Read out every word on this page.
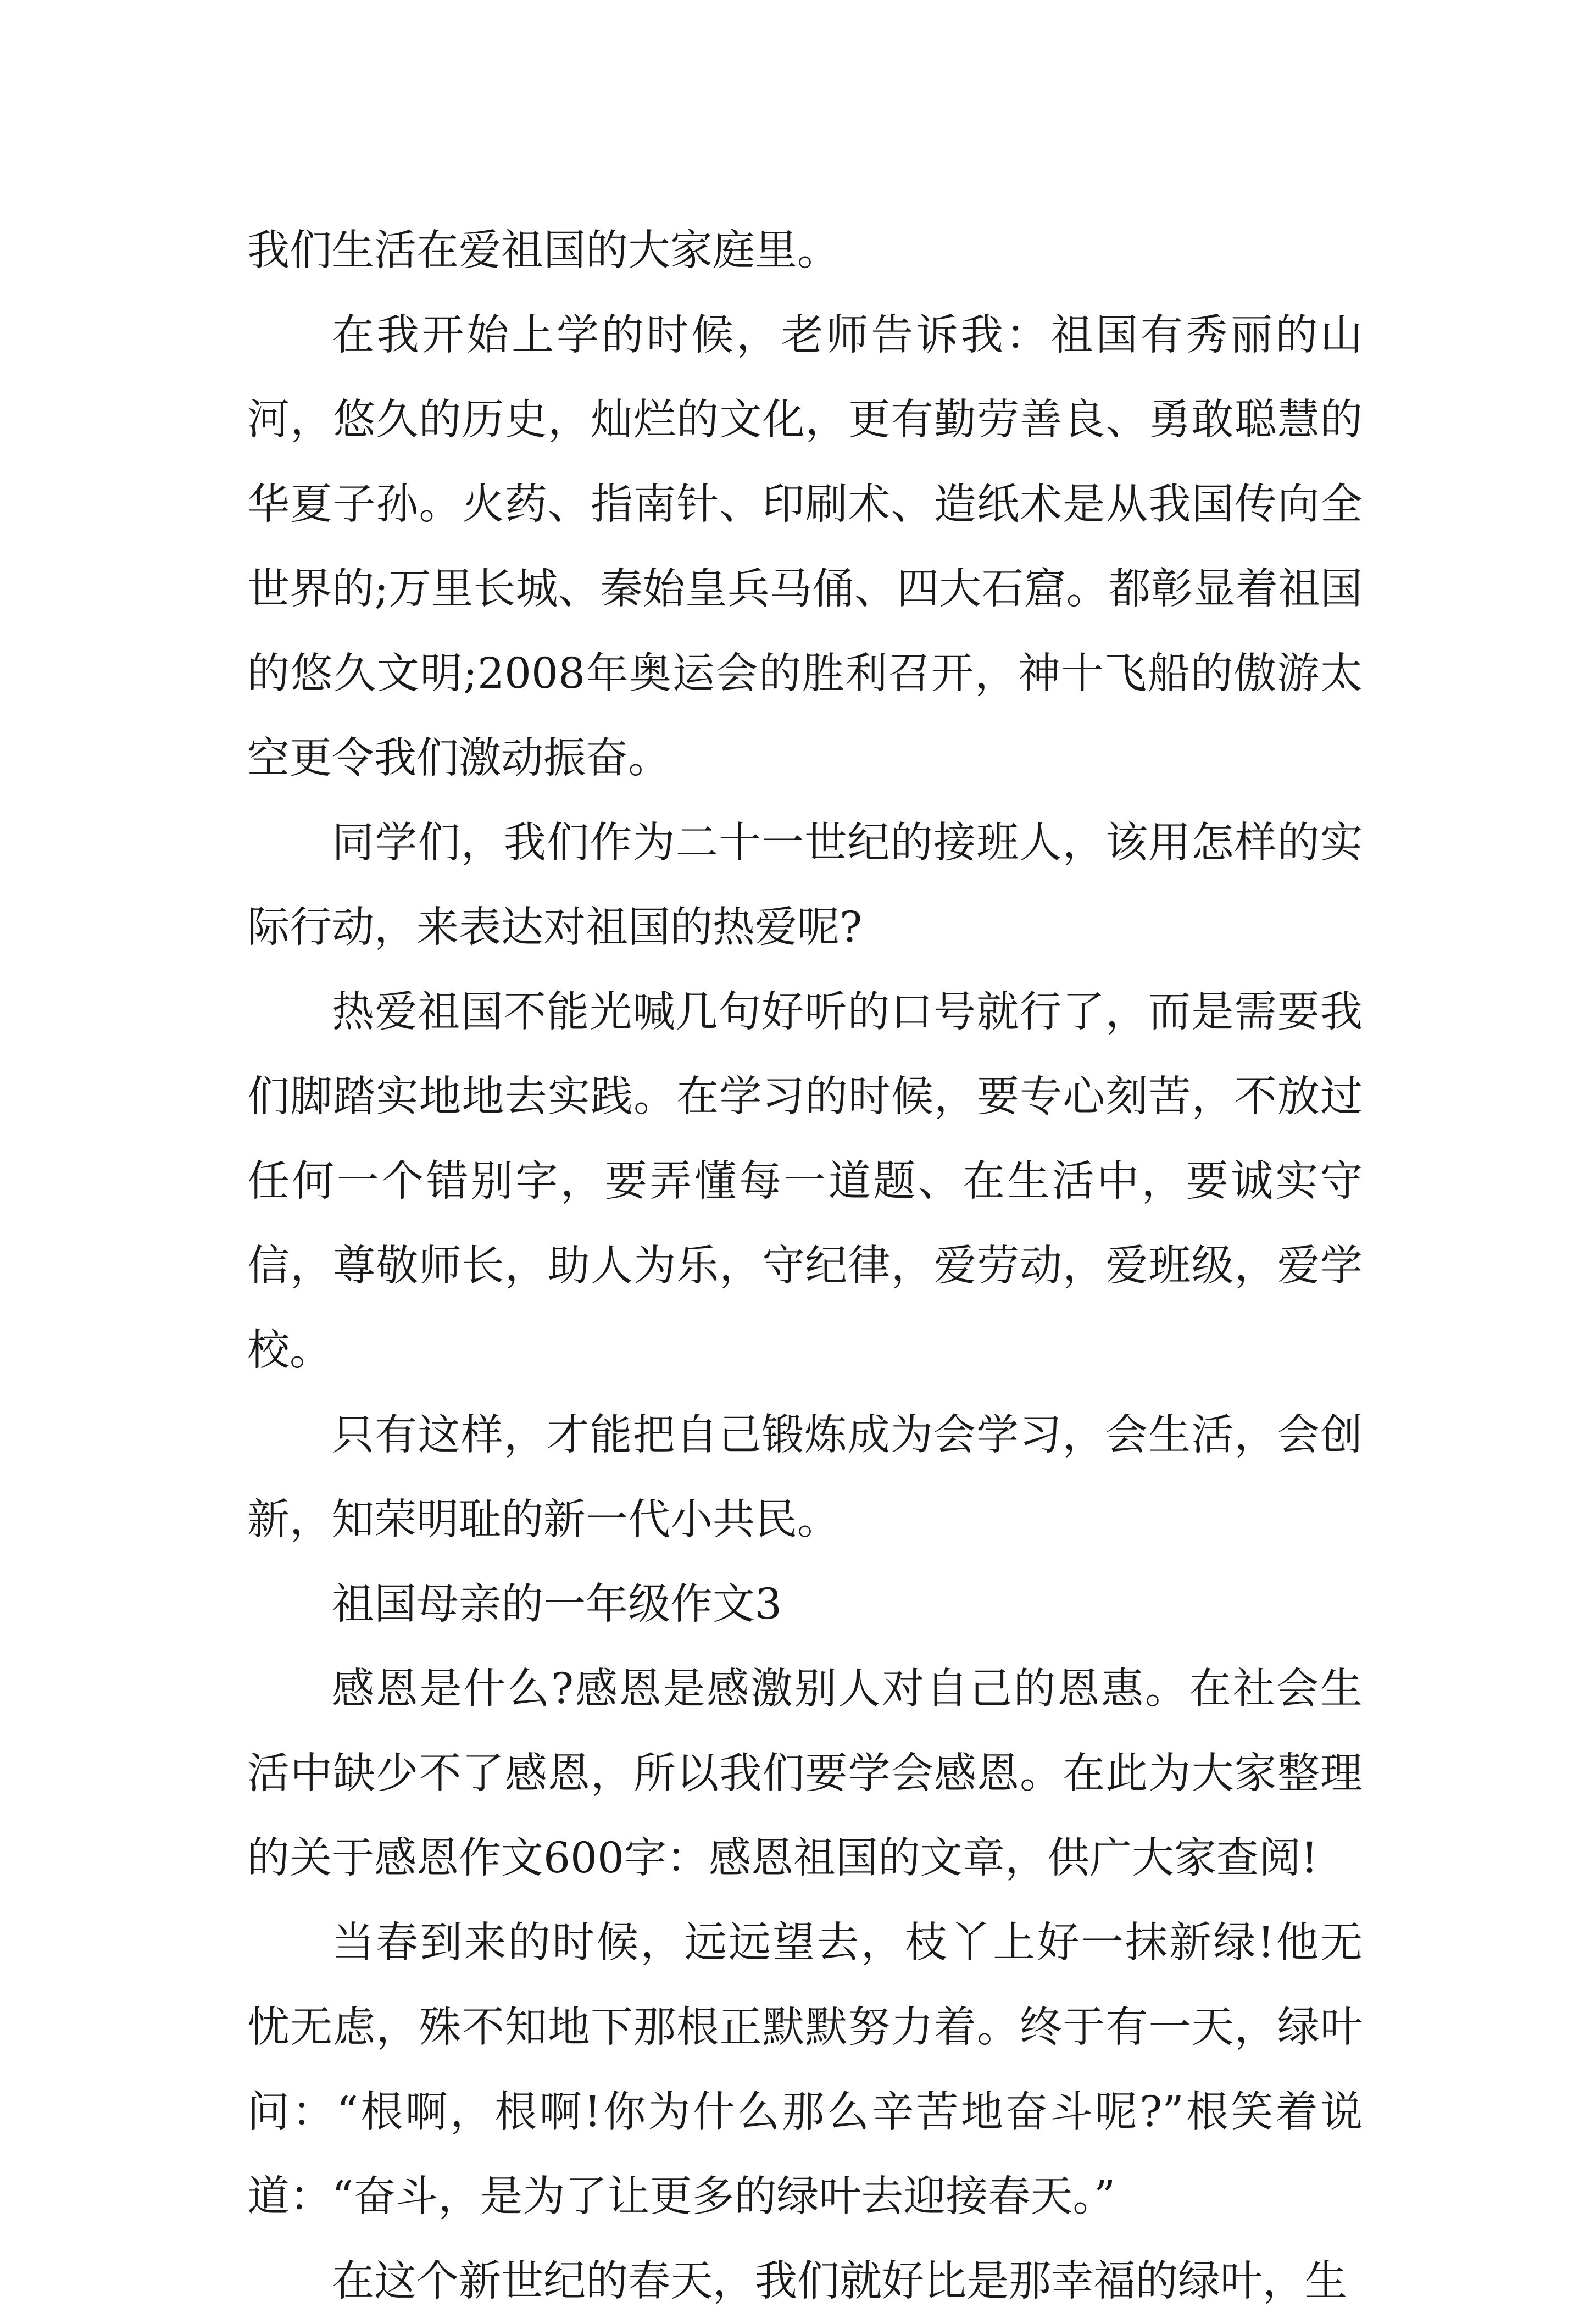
我们生活在爱祖国的大家庭里。

在我开始上学的时候，老师告诉我：祖国有秀丽的山河，悠久的历史，灿烂的文化，更有勤劳善良、勇敢聪慧的华夏子孙。火药、指南针、印刷术、造纸术是从我国传向全世界的;万里长城、秦始皇兵马俑、四大石窟。都彰显着祖国的悠久文明;2008年奥运会的胜利召开，神十飞船的傲游太空更令我们激动振奋。

同学们，我们作为二十一世纪的接班人，该用怎样的实际行动，来表达对祖国的热爱呢?

热爱祖国不能光喊几句好听的口号就行了，而是需要我们脚踏实地地去实践。在学习的时候，要专心刻苦，不放过任何一个错别字，要弄懂每一道题、在生活中，要诚实守信，尊敬师长，助人为乐，守纪律，爱劳动，爱班级，爱学校。

只有这样，才能把自己锻炼成为会学习，会生活，会创新，知荣明耻的新一代小共民。

祖国母亲的一年级作文3

感恩是什么?感恩是感激别人对自己的恩惠。在社会生活中缺少不了感恩，所以我们要学会感恩。在此为大家整理的关于感恩作文600字：感恩祖国的文章，供广大家查阅!

当春到来的时候，远远望去，枝丫上好一抹新绿!他无忧无虑，殊不知地下那根正默默努力着。终于有一天，绿叶问：“根啊，根啊!你为什么那么辛苦地奋斗呢?”根笑着说道：“奋斗，是为了让更多的绿叶去迎接春天。”

在这个新世纪的春天，我们就好比是那幸福的绿叶，生
